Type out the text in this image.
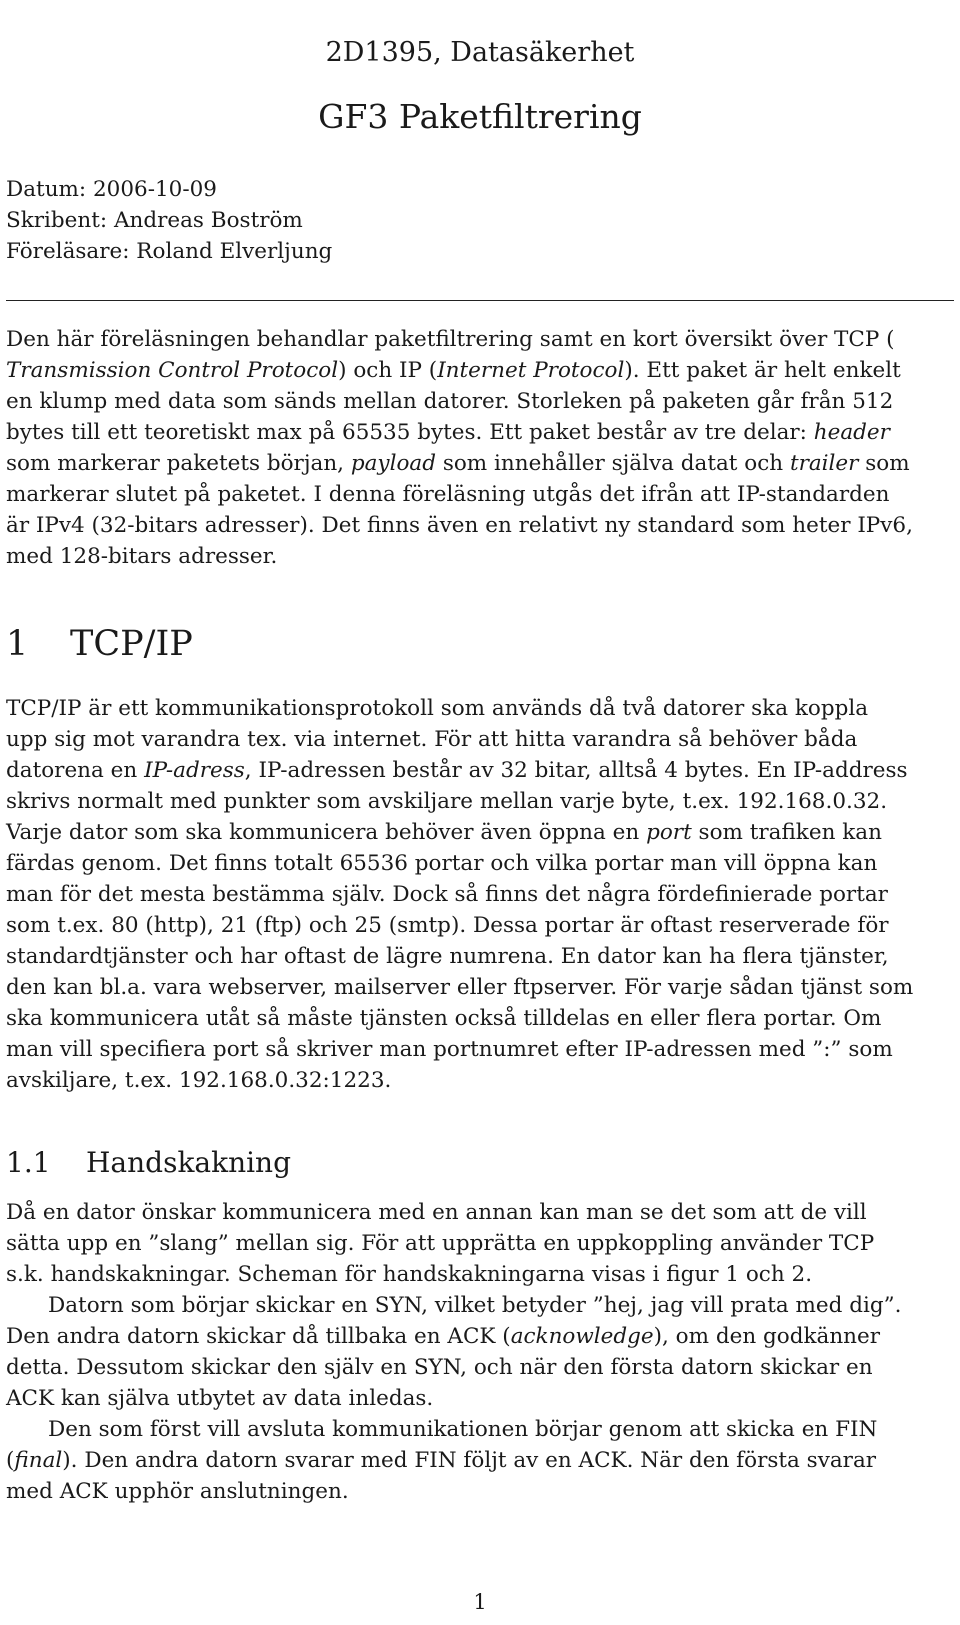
2D1395, Datasäkerhet
GF3 Paketfiltrering
Datum: 2006-10-09
Skribent: Andreas Boström
Föreläsare: Roland Elverljung
Den här föreläsningen behandlar paketfiltrering samt en kort översikt över TCP (
Transmission Control Protocol) och IP (Internet Protocol). Ett paket är helt enkelt
en klump med data som sänds mellan datorer. Storleken på paketen går från 512
bytes till ett teoretiskt max på 65535 bytes. Ett paket består av tre delar: header
som markerar paketets början, payload som innehåller själva datat och trailer som
markerar slutet på paketet. I denna föreläsning utgås det ifrån att IP-standarden
är IPv4 (32-bitars adresser). Det finns även en relativt ny standard som heter IPv6,
med 128-bitars adresser.
1 TCP/IP
TCP/IP är ett kommunikationsprotokoll som används då två datorer ska koppla
upp sig mot varandra tex. via internet. För att hitta varandra så behöver båda
datorena en IP-adress, IP-adressen består av 32 bitar, alltså 4 bytes. En IP-address
skrivs normalt med punkter som avskiljare mellan varje byte, t.ex. 192.168.0.32.
Varje dator som ska kommunicera behöver även öppna en port som trafiken kan
färdas genom. Det finns totalt 65536 portar och vilka portar man vill öppna kan
man för det mesta bestämma själv. Dock så finns det några fördefinierade portar
som t.ex. 80 (http), 21 (ftp) och 25 (smtp). Dessa portar är oftast reserverade för
standardtjänster och har oftast de lägre numrena. En dator kan ha flera tjänster,
den kan bl.a. vara webserver, mailserver eller ftpserver. För varje sådan tjänst som
ska kommunicera utåt så måste tjänsten också tilldelas en eller flera portar. Om
man vill specifiera port så skriver man portnumret efter IP-adressen med ”:” som
avskiljare, t.ex. 192.168.0.32:1223.
1.1 Handskakning
Då en dator önskar kommunicera med en annan kan man se det som att de vill
sätta upp en ”slang” mellan sig. För att upprätta en uppkoppling använder TCP
s.k. handskakningar. Scheman för handskakningarna visas i figur 1 och 2.
Datorn som börjar skickar en SYN, vilket betyder ”hej, jag vill prata med dig”.
Den andra datorn skickar då tillbaka en ACK (acknowledge), om den godkänner
detta. Dessutom skickar den själv en SYN, och när den första datorn skickar en
ACK kan själva utbytet av data inledas.
Den som först vill avsluta kommunikationen börjar genom att skicka en FIN
(final). Den andra datorn svarar med FIN följt av en ACK. När den första svarar
med ACK upphör anslutningen.
1
